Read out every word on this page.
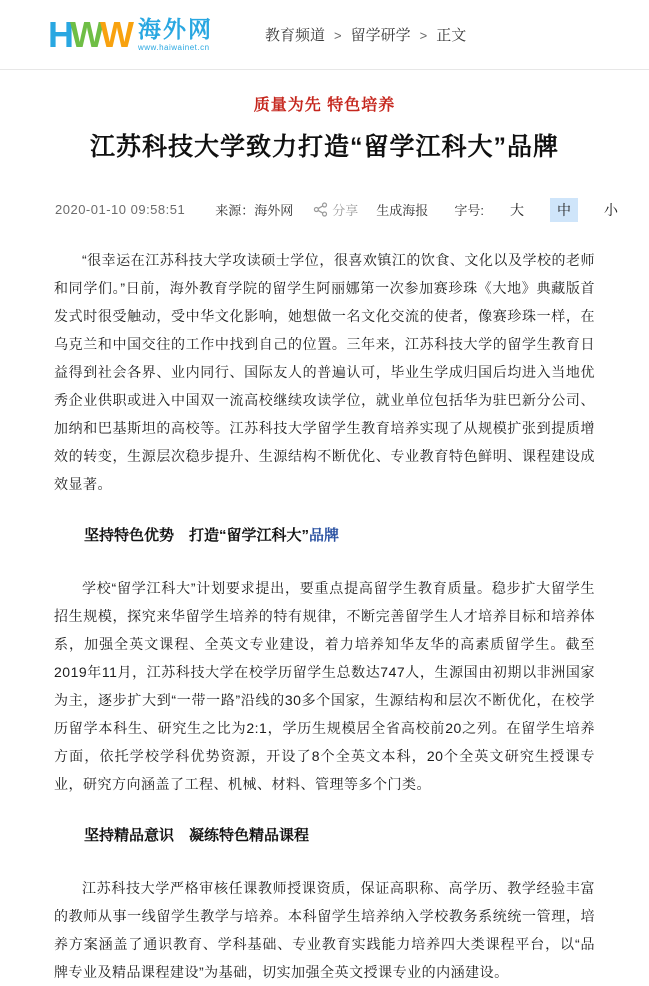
HWW 海外网
www.haiwainet.cn
教育频道 > 留学研学 > 正文
质量为先 特色培养
江苏科技大学致力打造“留学江科大”品牌
2020-01-10 09:58:51 来源：海外网	分享 生成海报 字号:	大	中	小

“很幸运在江苏科技大学攻读硕士学位，很喜欢镇江的饮食、文化以及学校的老师和同学们。”日前，海外教育学院的留学生阿丽娜第一次参加赛珍珠《大地》典藏版首发式时很受触动，受中华文化影响，她想做一名文化交流的使者，像赛珍珠一样，在乌克兰和中国交往的工作中找到自己的位置。三年来，江苏科技大学的留学生教育日益得到社会各界、业内同行、国际友人的普遍认可，毕业生学成归国后均进入当地优秀企业供职或进入中国双一流高校继续攻读学位，就业单位包括华为驻巴新分公司、加纳和巴基斯坦的高校等。江苏科技大学留学生教育培养实现了从规模扩张到提质增效的转变，生源层次稳步提升、生源结构不断优化、专业教育特色鲜明、课程建设成效显著。

坚持特色优势　打造“留学江科大”品牌

学校“留学江科大”计划要求提出，要重点提高留学生教育质量。稳步扩大留学生招生规模，探究来华留学生培养的特有规律，不断完善留学生人才培养目标和培养体系，加强全英文课程、全英文专业建设，着力培养知华友华的高素质留学生。截至2019年11月，江苏科技大学在校学历留学生总数达747人，生源国由初期以非洲国家为主，逐步扩大到“一带一路”沿线的30多个国家，生源结构和层次不断优化，在校学历留学本科生、研究生之比为2:1，学历生规模居全省高校前20之列。在留学生培养方面，依托学校学科优势资源，开设了8个全英文本科，20个全英文研究生授课专业，研究方向涵盖了工程、机械、材料、管理等多个门类。

坚持精品意识　凝练特色精品课程

江苏科技大学严格审核任课教师授课资质，保证高职称、高学历、教学经验丰富的教师从事一线留学生教学与培养。本科留学生培养纳入学校教务系统统一管理，培养方案涵盖了通识教育、学科基础、专业教育实践能力培养四大类课程平台，以“品牌专业及精品课程建设”为基础，切实加强全英文授课专业的内涵建设。
